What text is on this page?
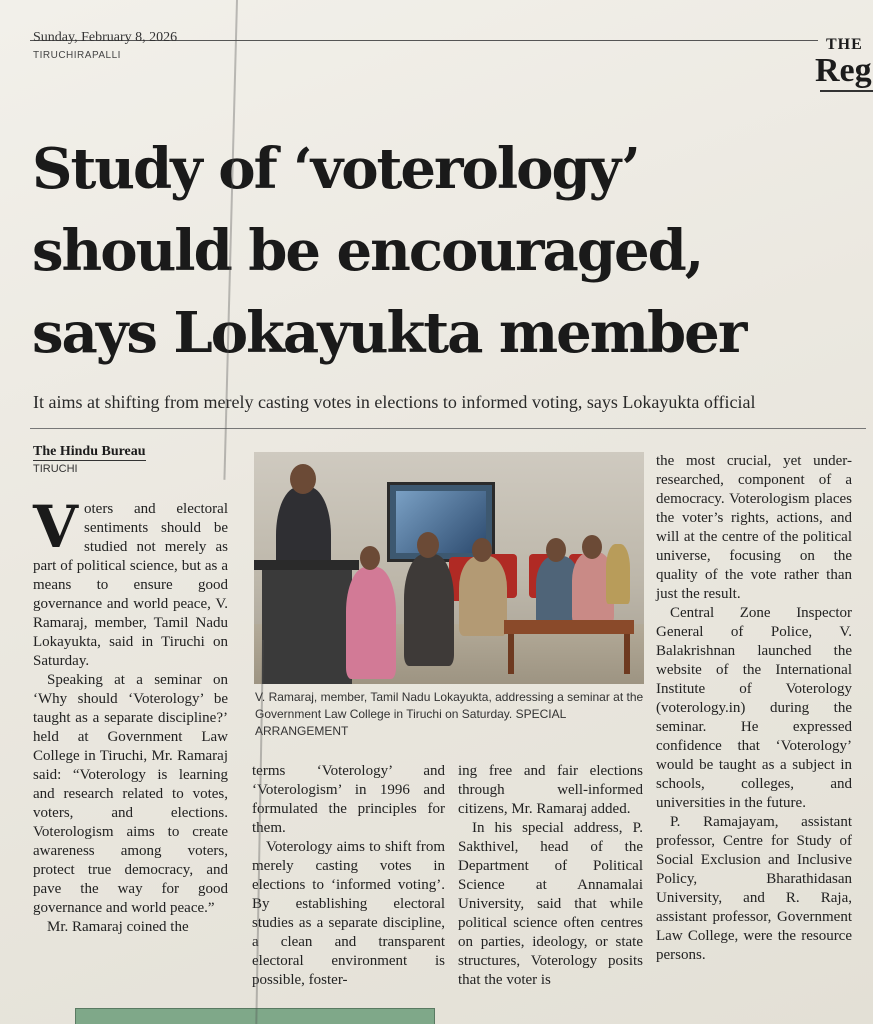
Sunday, February 8, 2026
TIRUCHIRAPALLI
THE
Reg
Study of ‘voterology’
should be encouraged,
says Lokayukta member
It aims at shifting from merely casting votes in elections to informed voting, says Lokayukta official
The Hindu Bureau
TIRUCHI

Voters and electoral sentiments should be studied not merely as part of political science, but as a means to ensure good governance and world peace, V. Ramaraj, member, Tamil Nadu Lokayukta, said in Tiruchi on Saturday.

Speaking at a seminar on ‘Why should ‘Voterology’ be taught as a separate discipline?’ held at Government Law College in Tiruchi, Mr. Ramaraj said: “Voterology is learning and research related to votes, voters, and elections. Voterologism aims to create awareness among voters, protect true democracy, and pave the way for good governance and world peace.”

Mr. Ramaraj coined the

V. Ramaraj, member, Tamil Nadu Lokayukta, addressing a seminar at the Government Law College in Tiruchi on Saturday. SPECIAL ARRANGEMENT

terms ‘Voterology’ and ‘Voterologism’ in 1996 and formulated the principles for them.

Voterology aims to shift from merely casting votes in elections to ‘informed voting’. By establishing electoral studies as a separate discipline, a clean and transparent electoral environment is possible, foster-

ing free and fair elections through well-informed citizens, Mr. Ramaraj added.

In his special address, P. Sakthivel, head of the Department of Political Science at Annamalai University, said that while political science often centres on parties, ideology, or state structures, Voterology posits that the voter is

the most crucial, yet under-researched, component of a democracy. Voterologism places the voter’s rights, actions, and will at the centre of the political universe, focusing on the quality of the vote rather than just the result.

Central Zone Inspector General of Police, V. Balakrishnan launched the website of the International Institute of Voterology (voterology.in) during the seminar. He expressed confidence that ‘Voterology’ would be taught as a subject in schools, colleges, and universities in the future.

P. Ramajayam, assistant professor, Centre for Study of Social Exclusion and Inclusive Policy, Bharathidasan University, and R. Raja, assistant professor, Government Law College, were the resource persons.
